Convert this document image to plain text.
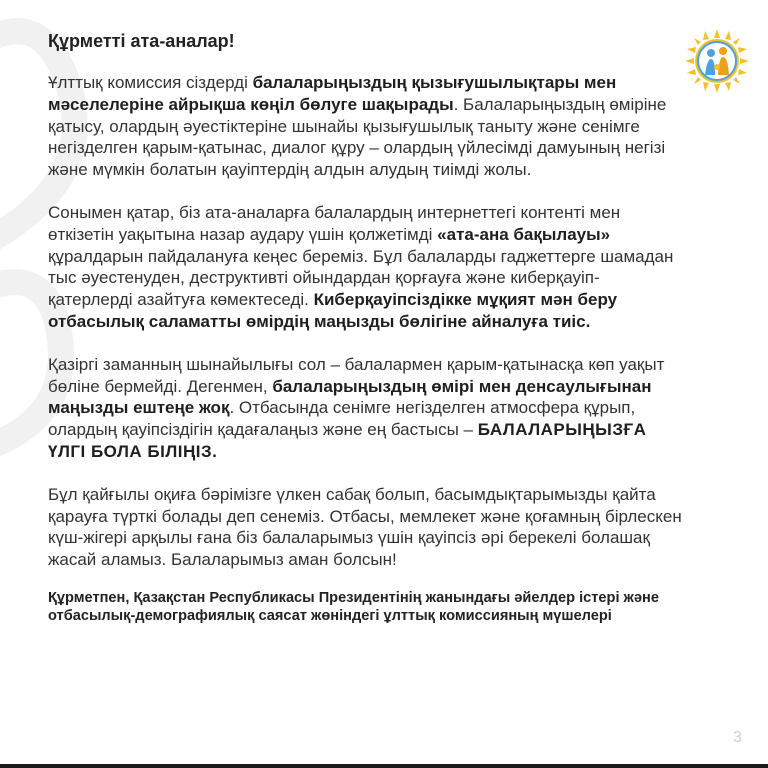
Құрметті ата-аналар!

Ұлттық комиссия сіздерді балаларыңыздың қызығушылықтары мен мәселелеріне айрықша көңіл бөлуге шақырады. Балаларыңыздың өміріне қатысу, олардың әуестіктеріне шынайы қызығушылық таныту және сенімге негізделген қарым-қатынас, диалог құру – олардың үйлесімді дамуының негізі және мүмкін болатын қауіптердің алдын алудың тиімді жолы.

Сонымен қатар, біз ата-аналарға балалардың интернеттегі контенті мен өткізетін уақытына назар аудару үшін қолжетімді «ата-ана бақылауы» құралдарын пайдалануға кеңес береміз. Бұл балаларды гаджеттерге шамадан тыс әуестенуден, деструктивті ойындардан қорғауға және киберқауіп-қатерлерді азайтуға көмектеседі. Киберқауіпсіздікке мұқият мән беру отбасылық саламатты өмірдің маңызды бөлігіне айналуға тиіс.

Қазіргі заманның шынайылығы сол – балалармен қарым-қатынасқа көп уақыт бөліне бермейді. Дегенмен, балаларыңыздың өмірі мен денсаулығынан маңызды ештеңе жоқ. Отбасында сенімге негізделген атмосфера құрып, олардың қауіпсіздігін қадағалаңыз және ең бастысы – БАЛАЛАРЫҢЫЗҒА ҮЛГІ БОЛА БІЛІҢІЗ.

Бұл қайғылы оқиға бәрімізге үлкен сабақ болып, басымдықтарымызды қайта қарауға түрткі болады деп сенеміз. Отбасы, мемлекет және қоғамның бірлескен күш-жігері арқылы ғана біз балаларымыз үшін қауіпсіз әрі берекелі болашақ жасай аламыз. Балаларымыз аман болсын!

Құрметпен, Қазақстан Республикасы Президентінің жанындағы әйелдер істері және отбасылық-демографиялық саясат жөніндегі ұлттық комиссияның мүшелері
3
